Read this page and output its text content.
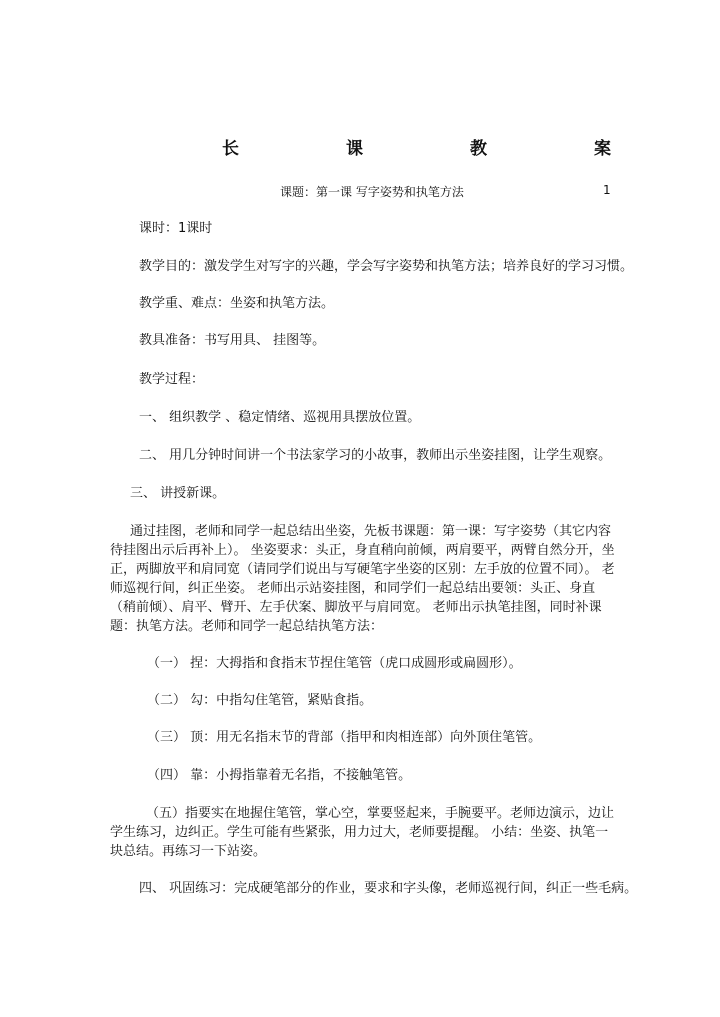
长	课	教	案
课题：第一课 写字姿势和执笔方法	1
课时：1课时
教学目的：激发学生对写字的兴趣，学会写字姿势和执笔方法；培养良好的学习习惯。
教学重、难点：坐姿和执笔方法。
教具准备：书写用具、 挂图等。
教学过程：
一、 组织教学 、稳定情绪、巡视用具摆放位置。
二、 用几分钟时间讲一个书法家学习的小故事，教师出示坐姿挂图，让学生观察。
三、 讲授新课。
通过挂图，老师和同学一起总结出坐姿，先板书课题：第一课：写字姿势（其它内容待挂图出示后再补上）。 坐姿要求：头正，身直稍向前倾，两肩要平，两臂自然分开，坐正，两脚放平和肩同宽（请同学们说出与写硬笔字坐姿的区别：左手放的位置不同）。 老师巡视行间，纠正坐姿。 老师出示站姿挂图，和同学们一起总结出要领：头正、身直（稍前倾）、肩平、臂开、左手伏案、脚放平与肩同宽。 老师出示执笔挂图，同时补课题：执笔方法。老师和同学一起总结执笔方法：
（一） 捏：大拇指和食指末节捏住笔管（虎口成圆形或扁圆形）。
（二） 勾：中指勾住笔管，紧贴食指。
（三） 顶：用无名指末节的背部（指甲和肉相连部）向外顶住笔管。
（四） 靠：小拇指靠着无名指，不接触笔管。
（五）指要实在地握住笔管，掌心空，掌要竖起来，手腕要平。老师边演示，边让学生练习，边纠正。学生可能有些紧张，用力过大，老师要提醒。 小结：坐姿、执笔一块总结。再练习一下站姿。
四、 巩固练习：完成硬笔部分的作业，要求和字头像，老师巡视行间，纠正一些毛病。
